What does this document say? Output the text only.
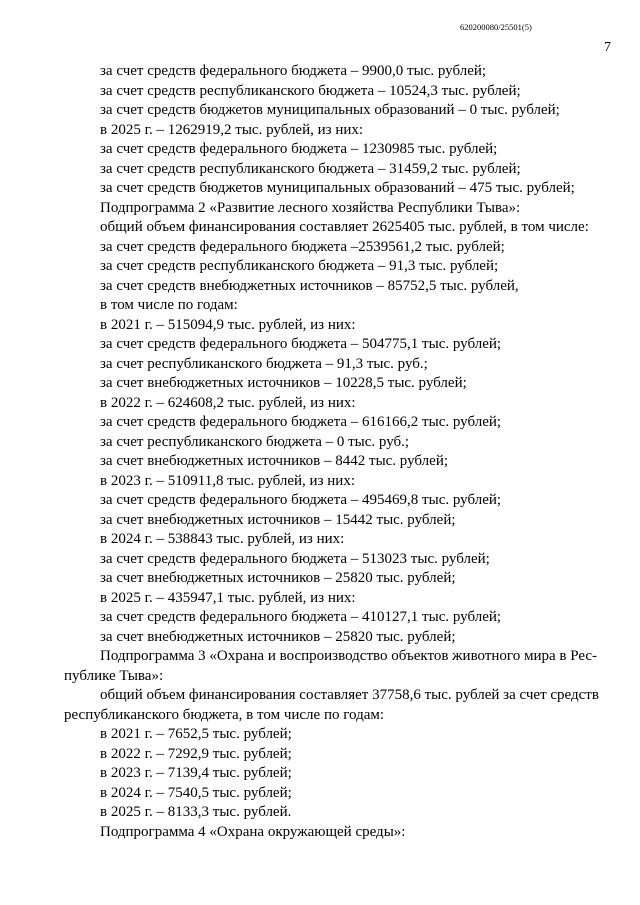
620200080/25501(5)
7
за счет средств федерального бюджета – 9900,0 тыс. рублей;
за счет средств республиканского бюджета – 10524,3 тыс. рублей;
за счет средств бюджетов муниципальных образований – 0 тыс. рублей;
в 2025 г. – 1262919,2 тыс. рублей, из них:
за счет средств федерального бюджета – 1230985 тыс. рублей;
за счет средств республиканского бюджета – 31459,2 тыс. рублей;
за счет средств бюджетов муниципальных образований – 475 тыс. рублей;
Подпрограмма 2 «Развитие лесного хозяйства Республики Тыва»:
общий объем финансирования составляет 2625405 тыс. рублей, в том числе:
за счет средств федерального бюджета –2539561,2 тыс. рублей;
за счет средств республиканского бюджета – 91,3 тыс. рублей;
за счет средств внебюджетных источников – 85752,5 тыс. рублей,
в том числе по годам:
в 2021 г. – 515094,9 тыс. рублей, из них:
за счет средств федерального бюджета – 504775,1 тыс. рублей;
за счет республиканского бюджета – 91,3 тыс. руб.;
за счет внебюджетных источников – 10228,5 тыс. рублей;
в 2022 г. – 624608,2 тыс. рублей, из них:
за счет средств федерального бюджета – 616166,2 тыс. рублей;
за счет республиканского бюджета – 0 тыс. руб.;
за счет внебюджетных источников – 8442 тыс. рублей;
в 2023 г. – 510911,8 тыс. рублей, из них:
за счет средств федерального бюджета – 495469,8 тыс. рублей;
за счет внебюджетных источников – 15442 тыс. рублей;
в 2024 г. – 538843 тыс. рублей, из них:
за счет средств федерального бюджета – 513023 тыс. рублей;
за счет внебюджетных источников – 25820 тыс. рублей;
в 2025 г. – 435947,1 тыс. рублей, из них:
за счет средств федерального бюджета – 410127,1 тыс. рублей;
за счет внебюджетных источников – 25820 тыс. рублей;
Подпрограмма 3 «Охрана и воспроизводство объектов животного мира в Рес-
публике Тыва»:
общий объем финансирования составляет 37758,6 тыс. рублей за счет средств
республиканского бюджета, в том числе по годам:
в 2021 г. – 7652,5 тыс. рублей;
в 2022 г. – 7292,9 тыс. рублей;
в 2023 г. – 7139,4 тыс. рублей;
в 2024 г. – 7540,5 тыс. рублей;
в 2025 г. – 8133,3 тыс. рублей.
Подпрограмма 4 «Охрана окружающей среды»:
